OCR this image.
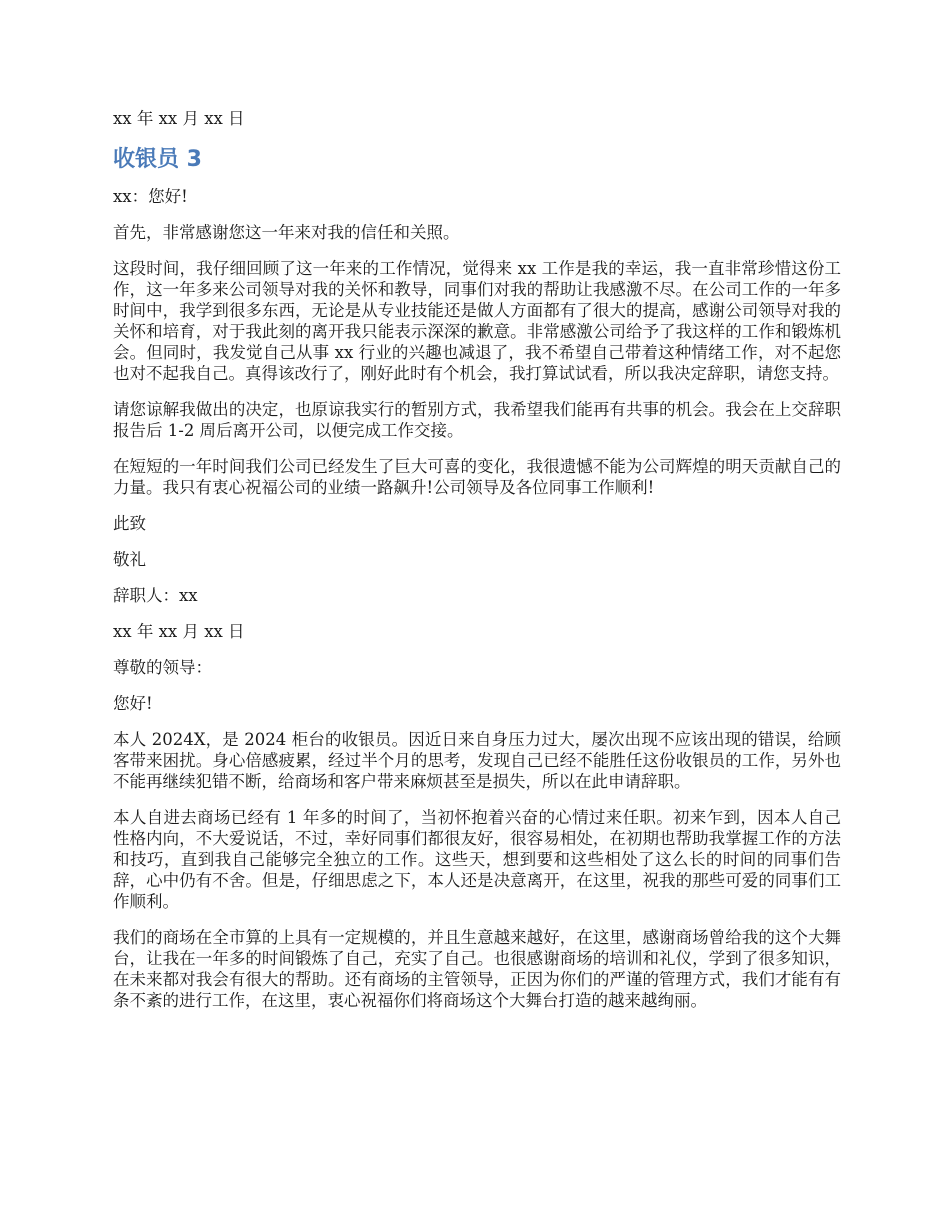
xx 年 xx 月 xx 日

收银员 3

xx：您好!

首先，非常感谢您这一年来对我的信任和关照。

这段时间，我仔细回顾了这一年来的工作情况，觉得来 xx 工作是我的幸运，我一直非常珍惜这份工作，这一年多来公司领导对我的关怀和教导，同事们对我的帮助让我感激不尽。在公司工作的一年多时间中，我学到很多东西，无论是从专业技能还是做人方面都有了很大的提高，感谢公司领导对我的关怀和培育，对于我此刻的离开我只能表示深深的歉意。非常感激公司给予了我这样的工作和锻炼机会。但同时，我发觉自己从事 xx 行业的兴趣也减退了，我不希望自己带着这种情绪工作，对不起您也对不起我自己。真得该改行了，刚好此时有个机会，我打算试试看，所以我决定辞职，请您支持。

请您谅解我做出的决定，也原谅我实行的暂别方式，我希望我们能再有共事的机会。我会在上交辞职报告后 1-2 周后离开公司，以便完成工作交接。

在短短的一年时间我们公司已经发生了巨大可喜的变化，我很遗憾不能为公司辉煌的明天贡献自己的力量。我只有衷心祝福公司的业绩一路飙升!公司领导及各位同事工作顺利!

此致

敬礼

辞职人：xx

xx 年 xx 月 xx 日

尊敬的领导：

您好!

本人 2024X，是 2024 柜台的收银员。因近日来自身压力过大，屡次出现不应该出现的错误，给顾客带来困扰。身心倍感疲累，经过半个月的思考，发现自己已经不能胜任这份收银员的工作，另外也不能再继续犯错不断，给商场和客户带来麻烦甚至是损失，所以在此申请辞职。

本人自进去商场已经有 1 年多的时间了，当初怀抱着兴奋的心情过来任职。初来乍到，因本人自己性格内向，不大爱说话，不过，幸好同事们都很友好，很容易相处，在初期也帮助我掌握工作的方法和技巧，直到我自己能够完全独立的工作。这些天，想到要和这些相处了这么长的时间的同事们告辞，心中仍有不舍。但是，仔细思虑之下，本人还是决意离开，在这里，祝我的那些可爱的同事们工作顺利。

我们的商场在全市算的上具有一定规模的，并且生意越来越好，在这里，感谢商场曾给我的这个大舞台，让我在一年多的时间锻炼了自己，充实了自己。也很感谢商场的培训和礼仪，学到了很多知识，在未来都对我会有很大的帮助。还有商场的主管领导，正因为你们的严谨的管理方式，我们才能有有条不紊的进行工作，在这里，衷心祝福你们将商场这个大舞台打造的越来越绚丽。
